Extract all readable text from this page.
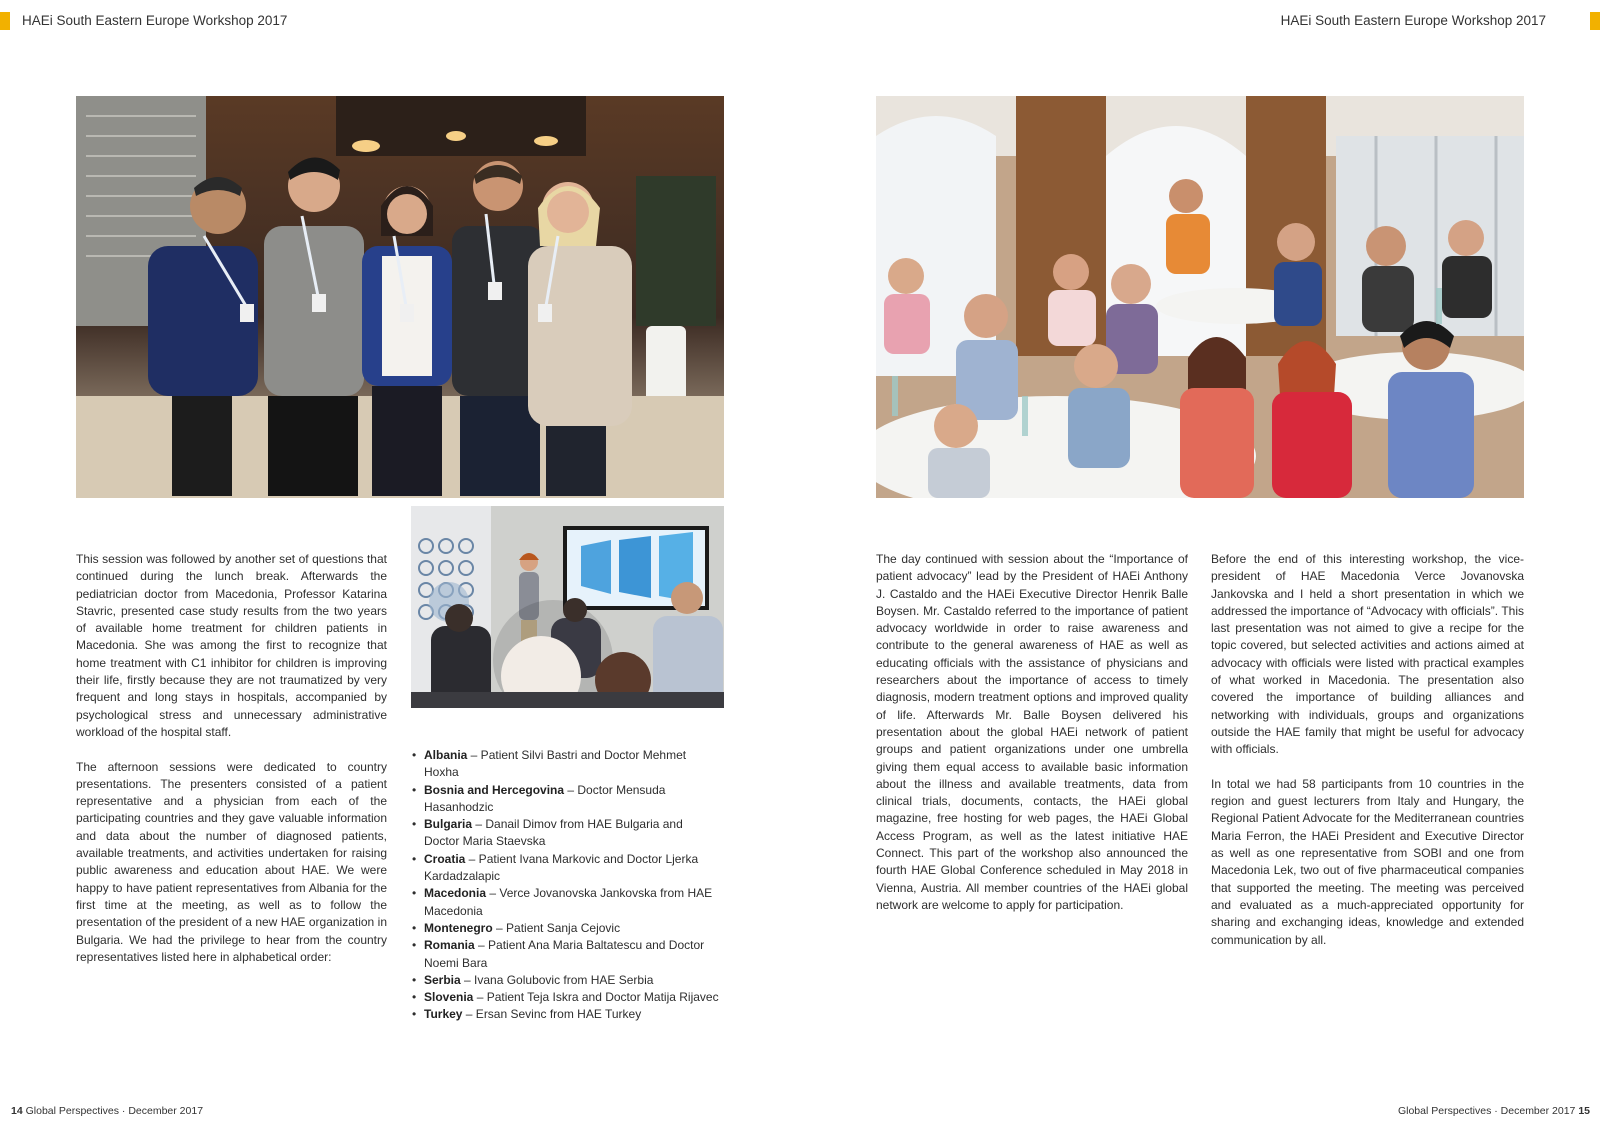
HAEi South Eastern Europe Workshop 2017	HAEi South Eastern Europe Workshop 2017

This session was followed by another set of questions that continued during the lunch break. Afterwards the pediatrician doctor from Macedonia, Professor Katarina Stavric, presented case study results from the two years of available home treatment for children patients in Macedonia. She was among the first to recognize that home treatment with C1 inhibitor for children is improving their life, firstly because they are not traumatized by very frequent and long stays in hospitals, accompanied by psychological stress and unnecessary administrative workload of the hospital staff.

The afternoon sessions were dedicated to country presentations. The presenters consisted of a patient representative and a physician from each of the participating countries and they gave valuable information and data about the number of diagnosed patients, available treatments, and activities undertaken for raising public awareness and education about HAE. We were happy to have patient representatives from Albania for the first time at the meeting, as well as to follow the presentation of the president of a new HAE organization in Bulgaria. We had the privilege to hear from the country representatives listed here in alphabetical order:

• Albania – Patient Silvi Bastri and Doctor Mehmet Hoxha
• Bosnia and Hercegovina – Doctor Mensuda Hasanhodzic
• Bulgaria – Danail Dimov from HAE Bulgaria and Doctor Maria Staevska
• Croatia – Patient Ivana Markovic and Doctor Ljerka Kardadzalapic
• Macedonia – Verce Jovanovska Jankovska from HAE Macedonia
• Montenegro – Patient Sanja Cejovic
• Romania – Patient Ana Maria Baltatescu and Doctor Noemi Bara
• Serbia – Ivana Golubovic from HAE Serbia
• Slovenia – Patient Teja Iskra and Doctor Matija Rijavec
• Turkey – Ersan Sevinc from HAE Turkey

The day continued with session about the “Importance of patient advocacy” lead by the President of HAEi Anthony J. Castaldo and the HAEi Executive Director Henrik Balle Boysen. Mr. Castaldo referred to the importance of patient advocacy worldwide in order to raise awareness and contribute to the general awareness of HAE as well as educating officials with the assistance of physicians and researchers about the importance of access to timely diagnosis, modern treatment options and improved quality of life. Afterwards Mr. Balle Boysen delivered his presentation about the global HAEi network of patient groups and patient organizations under one umbrella giving them equal access to available basic information about the illness and available treatments, data from clinical trials, documents, contacts, the HAEi global magazine, free hosting for web pages, the HAEi Global Access Program, as well as the latest initiative HAE Connect. This part of the workshop also announced the fourth HAE Global Conference scheduled in May 2018 in Vienna, Austria. All member countries of the HAEi global network are welcome to apply for participation.

Before the end of this interesting workshop, the vice-president of HAE Macedonia Verce Jovanovska Jankovska and I held a short presentation in which we addressed the importance of “Advocacy with officials”. This last presentation was not aimed to give a recipe for the topic covered, but selected activities and actions aimed at advocacy with officials were listed with practical examples of what worked in Macedonia. The presentation also covered the importance of building alliances and networking with individuals, groups and organizations outside the HAE family that might be useful for advocacy with officials.

In total we had 58 participants from 10 countries in the region and guest lecturers from Italy and Hungary, the Regional Patient Advocate for the Mediterranean countries Maria Ferron, the HAEi President and Executive Director as well as one representative from SOBI and one from Macedonia Lek, two out of five pharmaceutical companies that supported the meeting. The meeting was perceived and evaluated as a much-appreciated opportunity for sharing and exchanging ideas, knowledge and extended communication by all.

14 Global Perspectives · December 2017	Global Perspectives · December 2017 15
